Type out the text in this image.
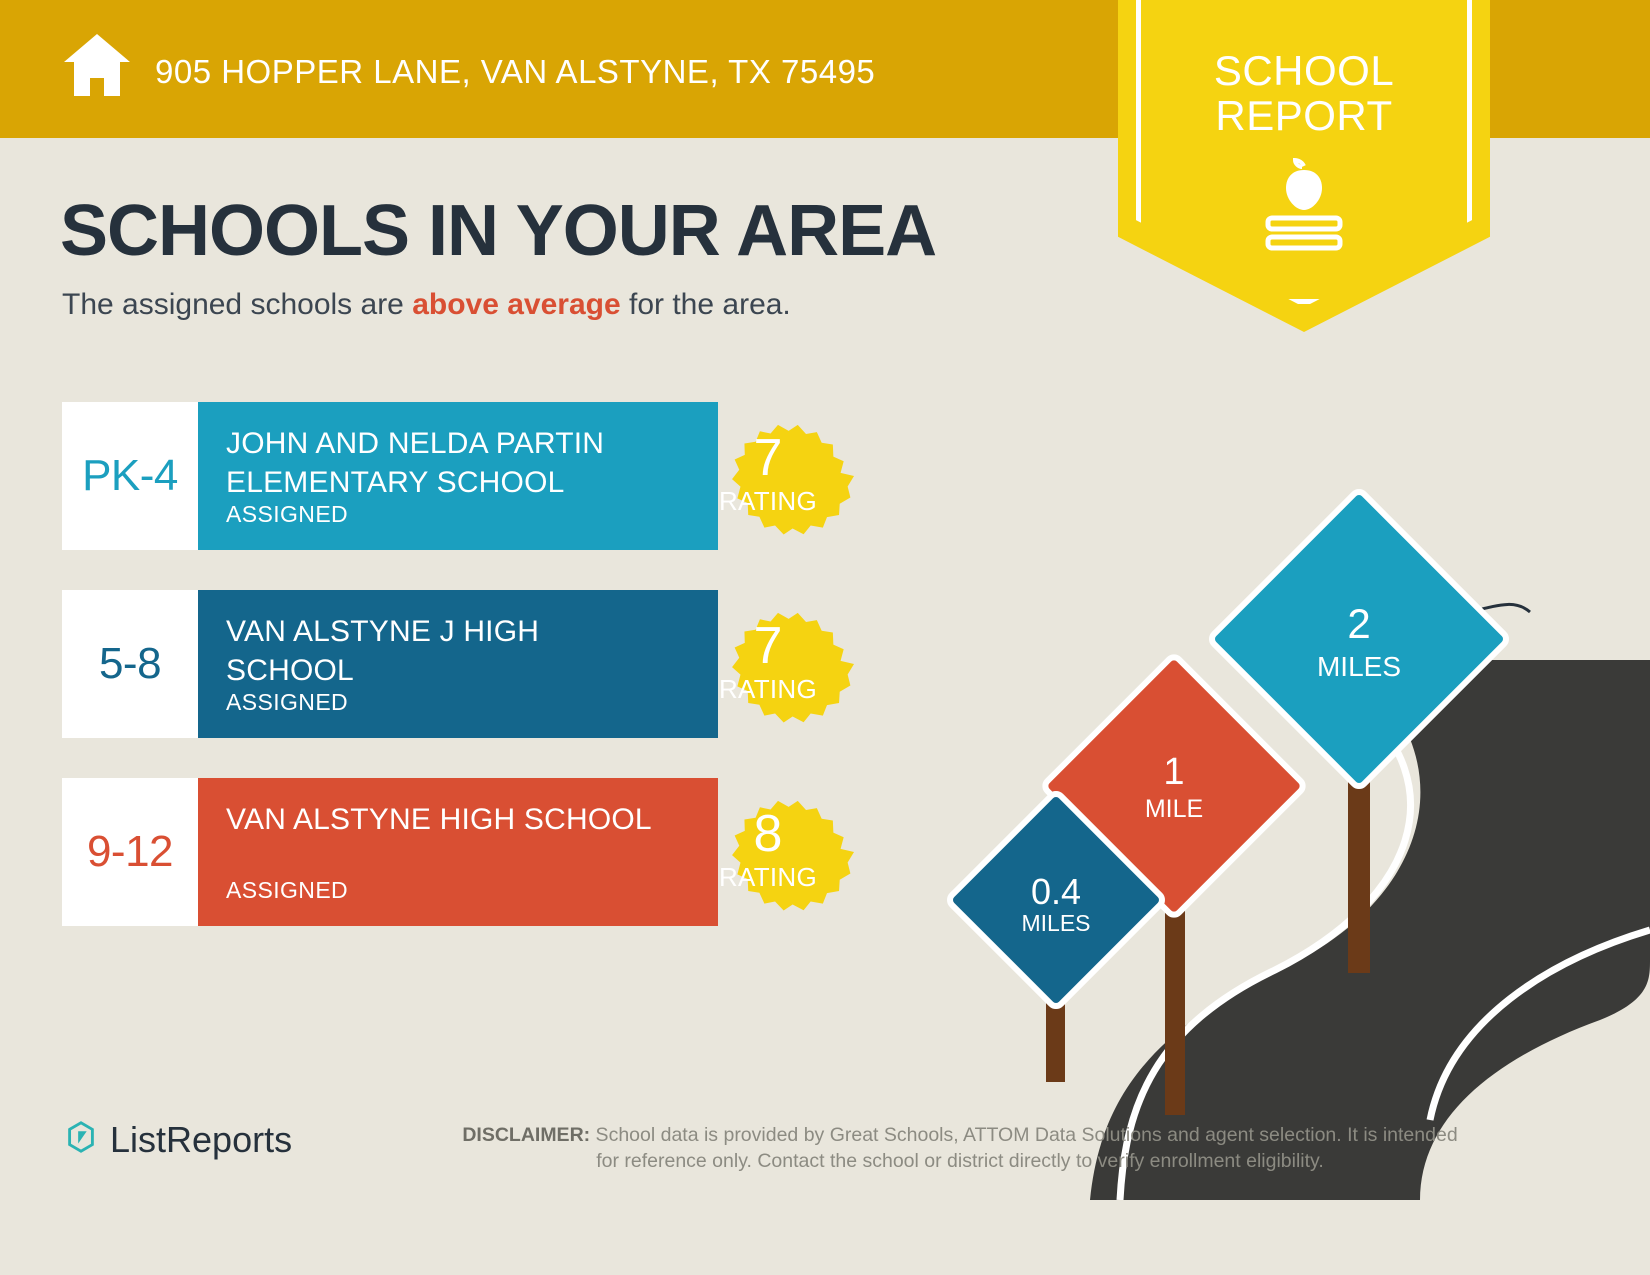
905 HOPPER LANE, VAN ALSTYNE, TX 75495	SCHOOL
REPORT
SCHOOLS IN YOUR AREA
The assigned schools are above average for the area.
PK-4
JOHN AND NELDA PARTIN ELEMENTARY SCHOOL
ASSIGNED
7
RATING
5-8
VAN ALSTYNE J HIGH SCHOOL
ASSIGNED
7
RATING
9-12
VAN ALSTYNE HIGH SCHOOL
ASSIGNED
8
RATING
2
MILES
1
MILE
0.4
MILES
ListReports	DISCLAIMER: School data is provided by Great Schools, ATTOM Data Solutions and agent selection. It is intended for reference only. Contact the school or district directly to verify enrollment eligibility.
